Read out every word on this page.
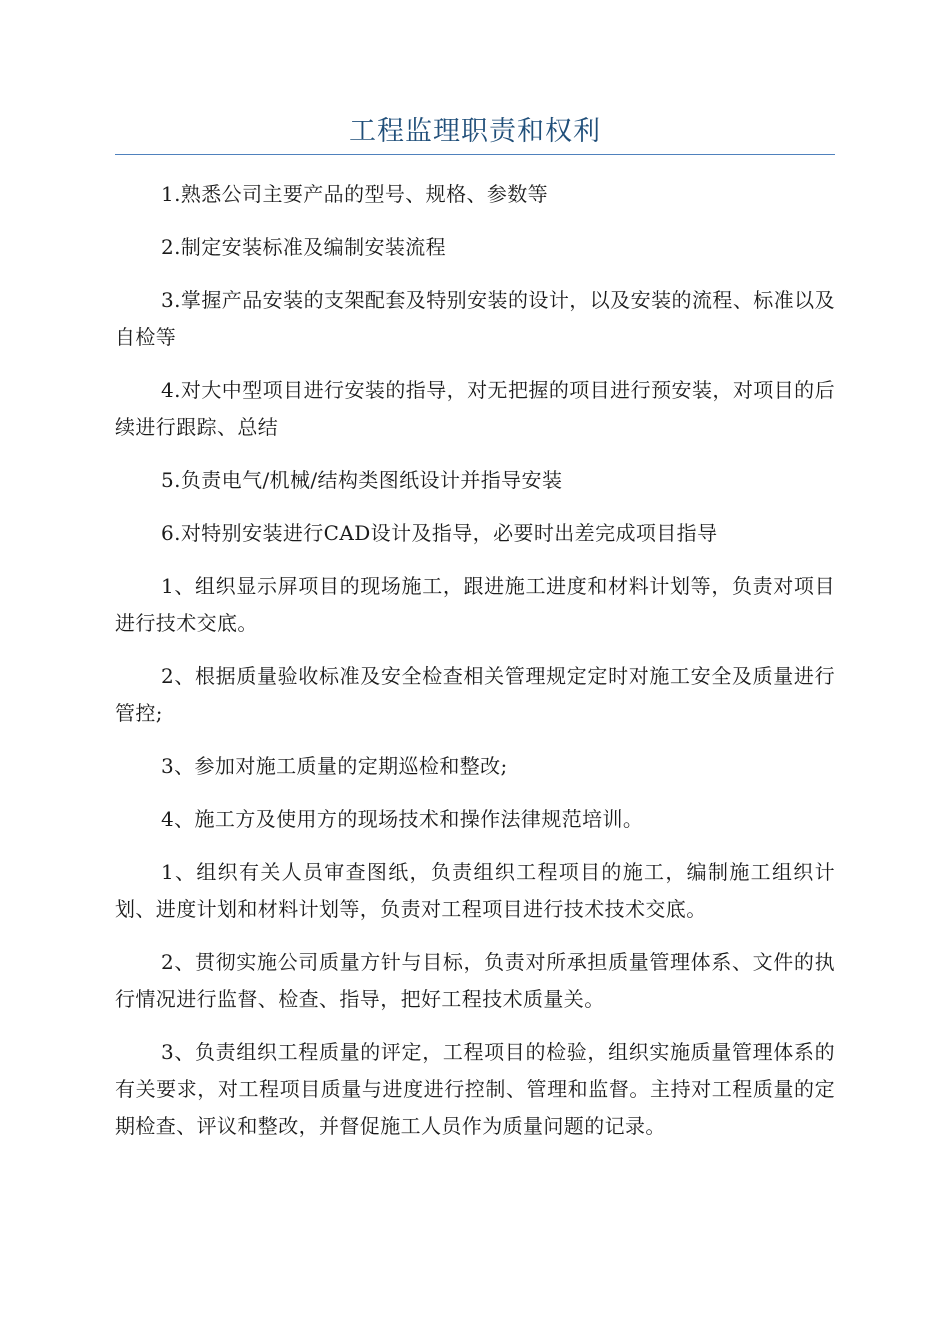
工程监理职责和权利

1.熟悉公司主要产品的型号、规格、参数等

2.制定安装标准及编制安装流程

3.掌握产品安装的支架配套及特别安装的设计，以及安装的流程、标准以及自检等

4.对大中型项目进行安装的指导，对无把握的项目进行预安装，对项目的后续进行跟踪、总结

5.负责电气/机械/结构类图纸设计并指导安装

6.对特别安装进行CAD设计及指导，必要时出差完成项目指导

1、组织显示屏项目的现场施工，跟进施工进度和材料计划等，负责对项目进行技术交底。

2、根据质量验收标准及安全检查相关管理规定定时对施工安全及质量进行管控;

3、参加对施工质量的定期巡检和整改;

4、施工方及使用方的现场技术和操作法律规范培训。

1、组织有关人员审查图纸，负责组织工程项目的施工，编制施工组织计划、进度计划和材料计划等，负责对工程项目进行技术技术交底。

2、贯彻实施公司质量方针与目标，负责对所承担质量管理体系、文件的执行情况进行监督、检查、指导，把好工程技术质量关。

3、负责组织工程质量的评定，工程项目的检验，组织实施质量管理体系的有关要求，对工程项目质量与进度进行控制、管理和监督。主持对工程质量的定期检查、评议和整改，并督促施工人员作为质量问题的记录。
